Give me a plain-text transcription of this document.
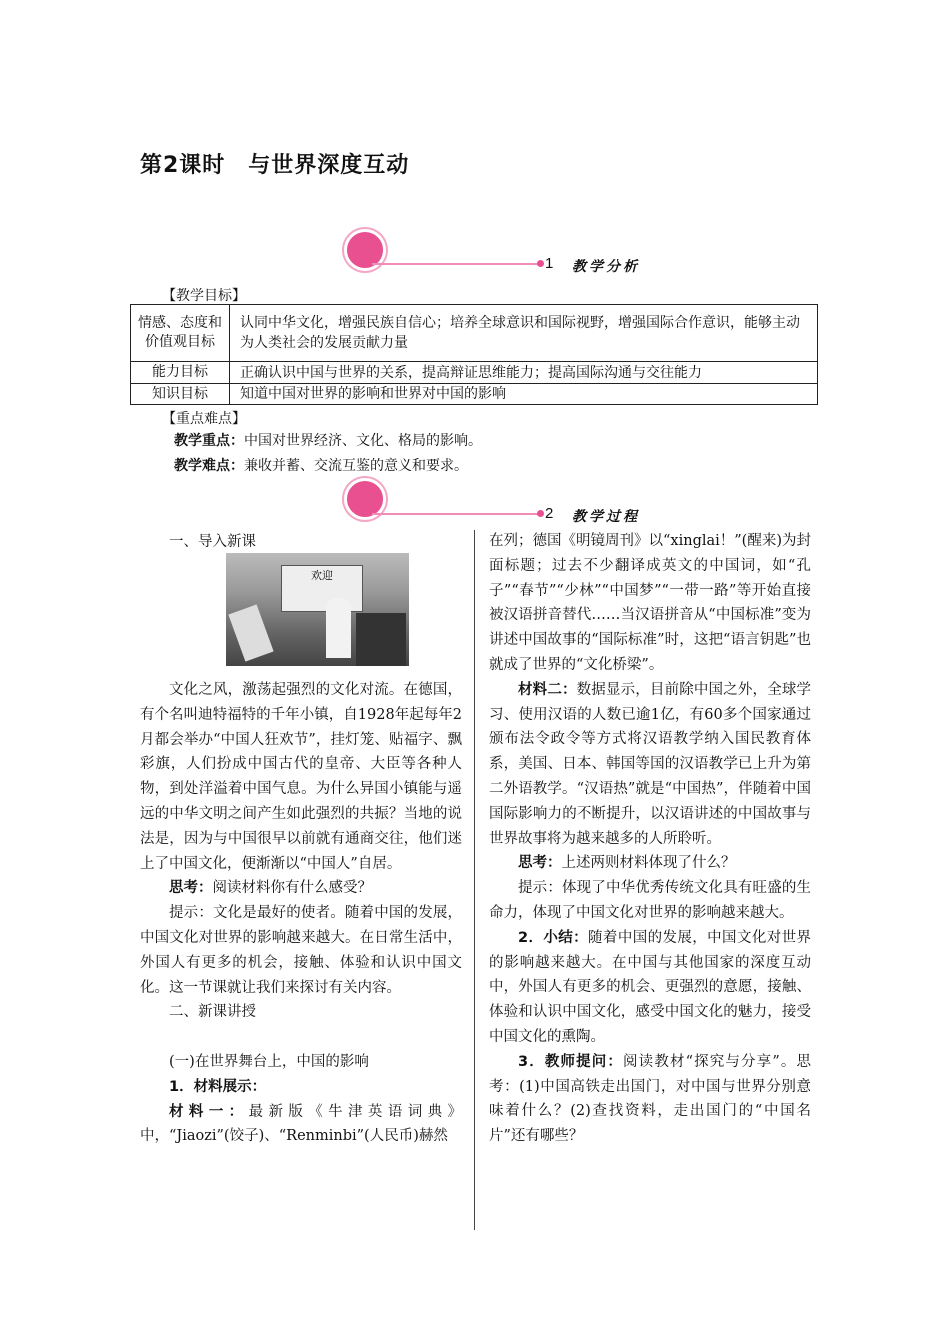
第2课时　与世界深度互动
1 教学分析
【教学目标】
情感、态度和价值观目标	认同中华文化，增强民族自信心；培养全球意识和国际视野，增强国际合作意识，能够主动为人类社会的发展贡献力量
能力目标	正确认识中国与世界的关系，提高辩证思维能力；提高国际沟通与交往能力
知识目标	知道中国对世界的影响和世界对中国的影响
【重点难点】
教学重点：中国对世界经济、文化、格局的影响。
教学难点：兼收并蓄、交流互鉴的意义和要求。
2 教学过程

一、导入新课

欢迎

文化之风，激荡起强烈的文化对流。在德国，有个名叫迪特福特的千年小镇，自1928年起每年2月都会举办“中国人狂欢节”，挂灯笼、贴福字、飘彩旗，人们扮成中国古代的皇帝、大臣等各种人物，到处洋溢着中国气息。为什么异国小镇能与遥远的中华文明之间产生如此强烈的共振？当地的说法是，因为与中国很早以前就有通商交往，他们迷上了中国文化，便渐渐以“中国人”自居。

思考：阅读材料你有什么感受？

提示：文化是最好的使者。随着中国的发展，中国文化对世界的影响越来越大。在日常生活中，外国人有更多的机会，接触、体验和认识中国文化。这一节课就让我们来探讨有关内容。

二、新课讲授

(一)在世界舞台上，中国的影响

1．材料展示：

材料一：最新版《牛津英语词典》中，“Jiaozi”(饺子)、“Renminbi”(人民币)赫然

在列；德国《明镜周刊》以“xinglai！”(醒来)为封面标题；过去不少翻译成英文的中国词，如“孔子”“春节”“少林”“中国梦”“一带一路”等开始直接被汉语拼音替代……当汉语拼音从“中国标准”变为讲述中国故事的“国际标准”时，这把“语言钥匙”也就成了世界的“文化桥梁”。

材料二：数据显示，目前除中国之外，全球学习、使用汉语的人数已逾1亿，有60多个国家通过颁布法令政令等方式将汉语教学纳入国民教育体系，美国、日本、韩国等国的汉语教学已上升为第二外语教学。“汉语热”就是“中国热”，伴随着中国国际影响力的不断提升，以汉语讲述的中国故事与世界故事将为越来越多的人所聆听。

思考：上述两则材料体现了什么？

提示：体现了中华优秀传统文化具有旺盛的生命力，体现了中国文化对世界的影响越来越大。

2．小结：随着中国的发展，中国文化对世界的影响越来越大。在中国与其他国家的深度互动中，外国人有更多的机会、更强烈的意愿，接触、体验和认识中国文化，感受中国文化的魅力，接受中国文化的熏陶。

3．教师提问：阅读教材“探究与分享”。思考：(1)中国高铁走出国门，对中国与世界分别意味着什么？(2)查找资料，走出国门的“中国名片”还有哪些？
